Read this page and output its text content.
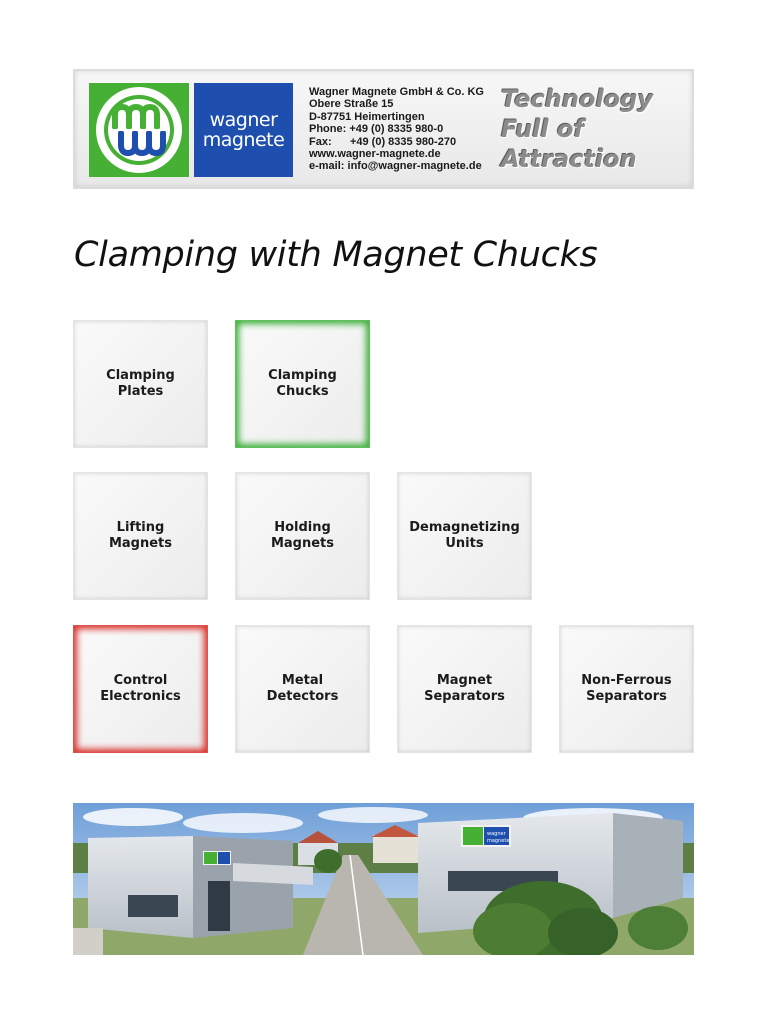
wagner
magnete
Wagner Magnete GmbH & Co. KG
Obere Straße 15
D-87751 Heimertingen
Phone: +49 (0) 8335 980-0
Fax:      +49 (0) 8335 980-270
www.wagner-magnete.de
e-mail: info@wagner-magnete.de
Technology
Full of
Attraction
Clamping with Magnet Chucks
Clamping
Plates
Clamping
Chucks
Lifting
Magnets
Holding
Magnets
Demagnetizing
Units
Control
Electronics
Metal
Detectors
Magnet
Separators
Non-Ferrous
Separators
wagner
magnete
